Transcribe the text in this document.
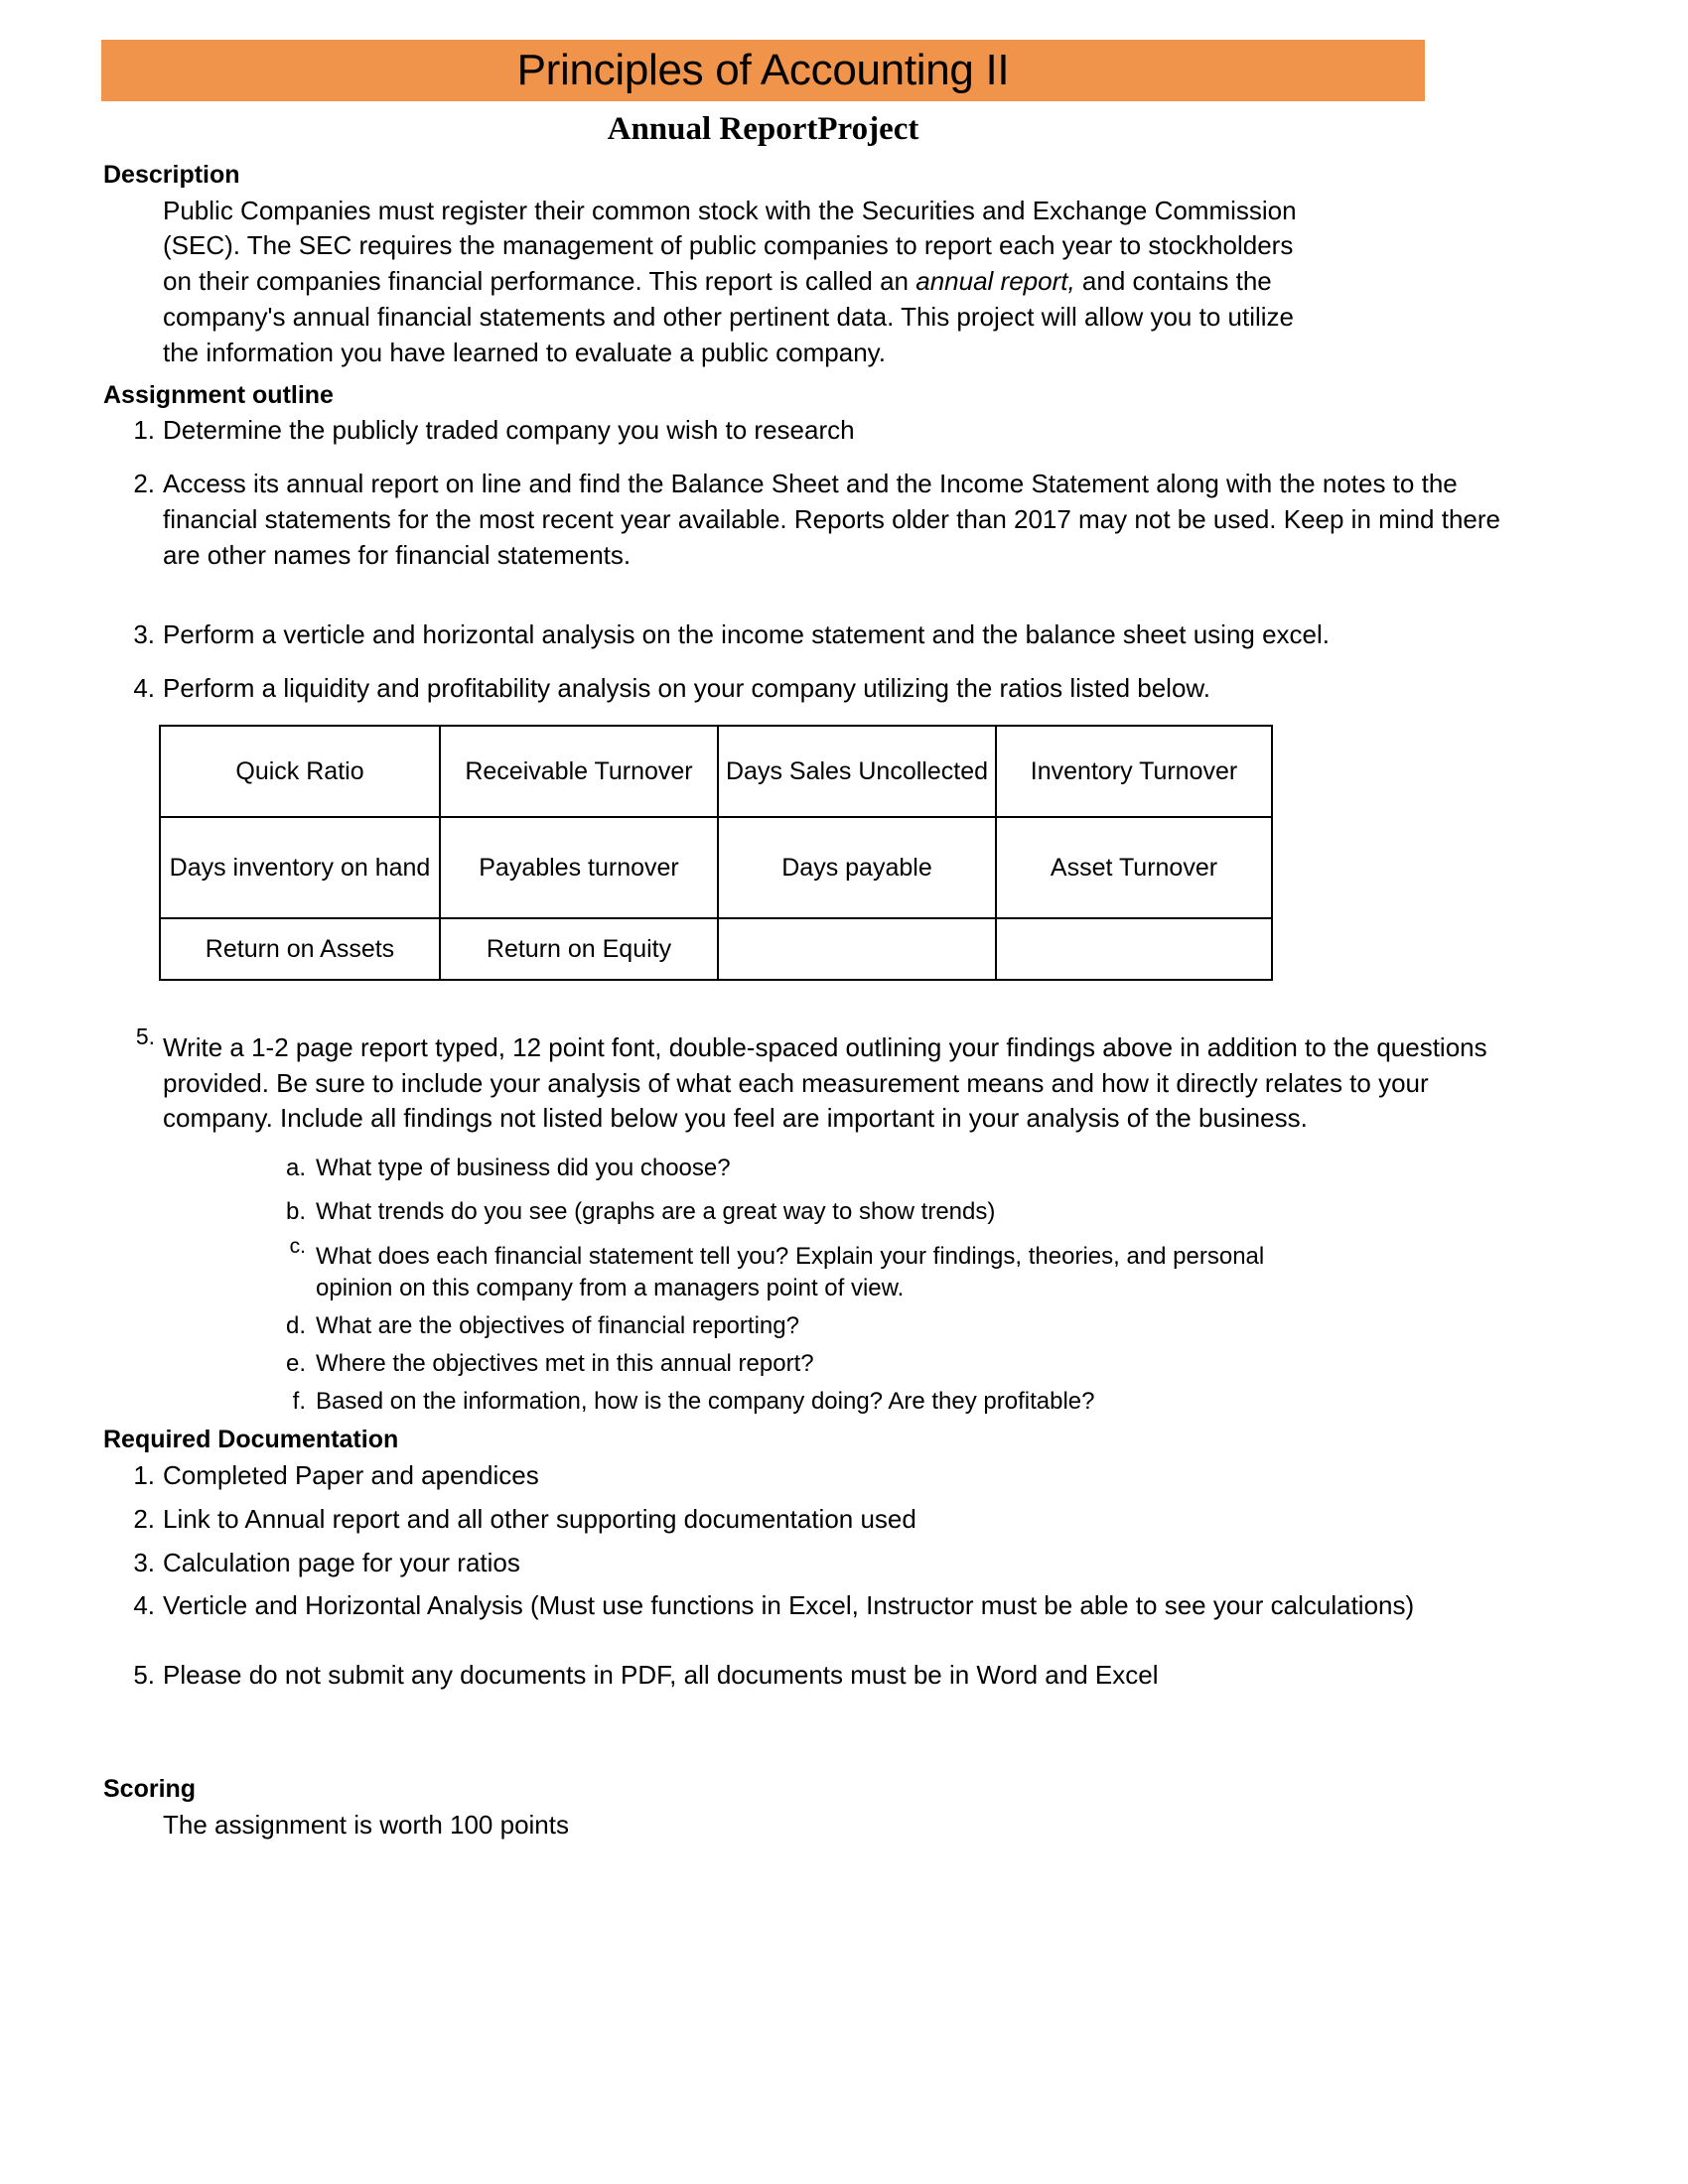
Principles of Accounting II
Annual ReportProject
Description

Public Companies must register their common stock with the Securities and Exchange Commission (SEC). The SEC requires the management of public companies to report each year to stockholders on their companies financial performance. This report is called an annual report, and contains the company's annual financial statements and other pertinent data. This project will allow you to utilize the information you have learned to evaluate a public company.

Assignment outline
1. Determine the publicly traded company you wish to research
2. Access its annual report on line and find the Balance Sheet and the Income Statement along with the notes to the financial statements for the most recent year available. Reports older than 2017 may not be used. Keep in mind there are other names for financial statements.
3. Perform a verticle and horizontal analysis on the income statement and the balance sheet using excel.
4. Perform a liquidity and profitability analysis on your company utilizing the ratios listed below.
Quick Ratio	Receivable Turnover	Days Sales Uncollected	Inventory Turnover
Days inventory on hand	Payables turnover	Days payable	Asset Turnover
Return on Assets	Return on Equity		
5. Write a 1-2 page report typed, 12 point font, double-spaced outlining your findings above in addition to the questions provided. Be sure to include your analysis of what each measurement means and how it directly relates to your company. Include all findings not listed below you feel are important in your analysis of the business.
a. What type of business did you choose?
b. What trends do you see (graphs are a great way to show trends)
c. What does each financial statement tell you? Explain your findings, theories, and personal opinion on this company from a managers point of view.
d. What are the objectives of financial reporting?
e. Where the objectives met in this annual report?
f. Based on the information, how is the company doing? Are they profitable?
Required Documentation
1. Completed Paper and apendices
2. Link to Annual report and all other supporting documentation used
3. Calculation page for your ratios
4. Verticle and Horizontal Analysis (Must use functions in Excel, Instructor must be able to see your calculations)
5. Please do not submit any documents in PDF, all documents must be in Word and Excel
Scoring

The assignment is worth 100 points
